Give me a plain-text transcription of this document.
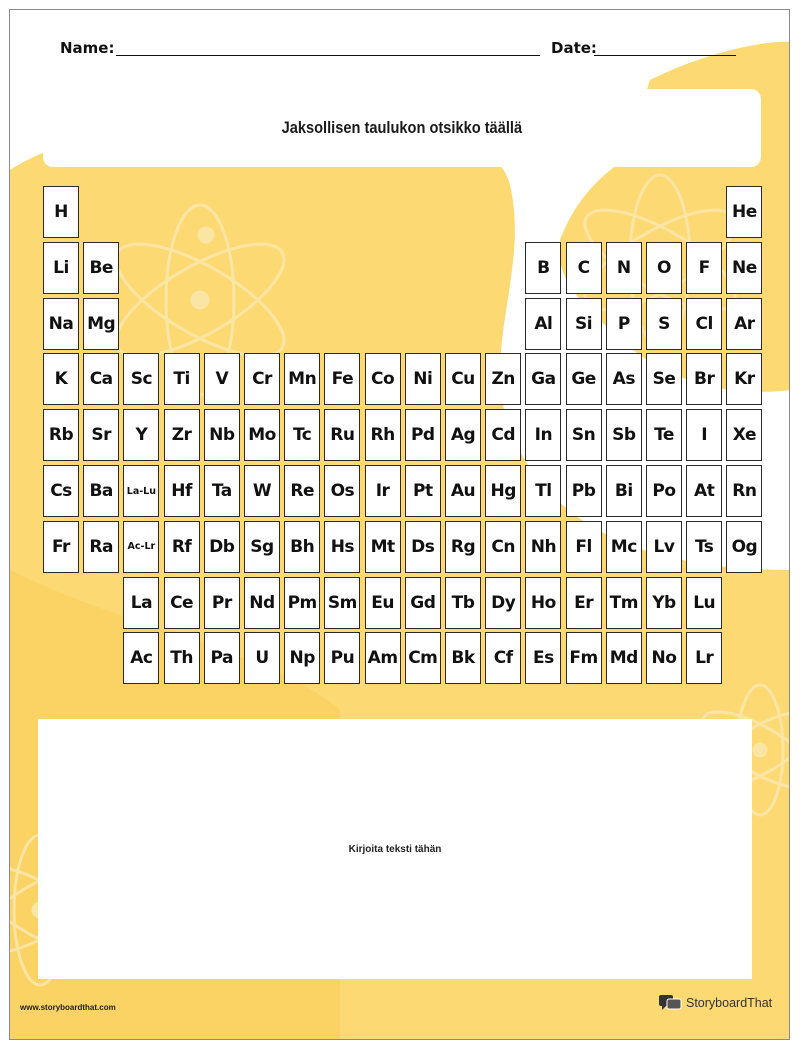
Name:	Date:
Jaksollisen taulukon otsikko täällä
H	He
Li	Be	B	C	N	O	F	Ne
Na Mg	Al	Si	P	S	Cl	Ar
K	Ca	Sc	Ti	V	Cr Mn Fe	Co	Ni	Cu Zn Ga Ge As	Se	Br	Kr
Rb	Sr	Y	Zr	Nb Mo	Tc	Ru Rh Pd Ag Cd	In	Sn Sb	Te	I	Xe
Cs	Ba	La-Lu Hf	Ta	W	Re Os	Ir	Pt	Au Hg	Tl	Pb	Bi	Po	At	Rn
Fr	Ra	Ac-Lr Rf	Db Sg Bh Hs Mt Ds Rg Cn Nh	Fl	Mc Lv	Ts	Og
La	Ce	Pr	Nd Pm Sm Eu Gd Tb Dy Ho	Er Tm Yb	Lu
Ac	Th	Pa	U	Np Pu Am Cm Bk	Cf	Es Fm Md No	Lr
Kirjoita teksti tähän
www.storyboardthat.com	StoryboardThat
